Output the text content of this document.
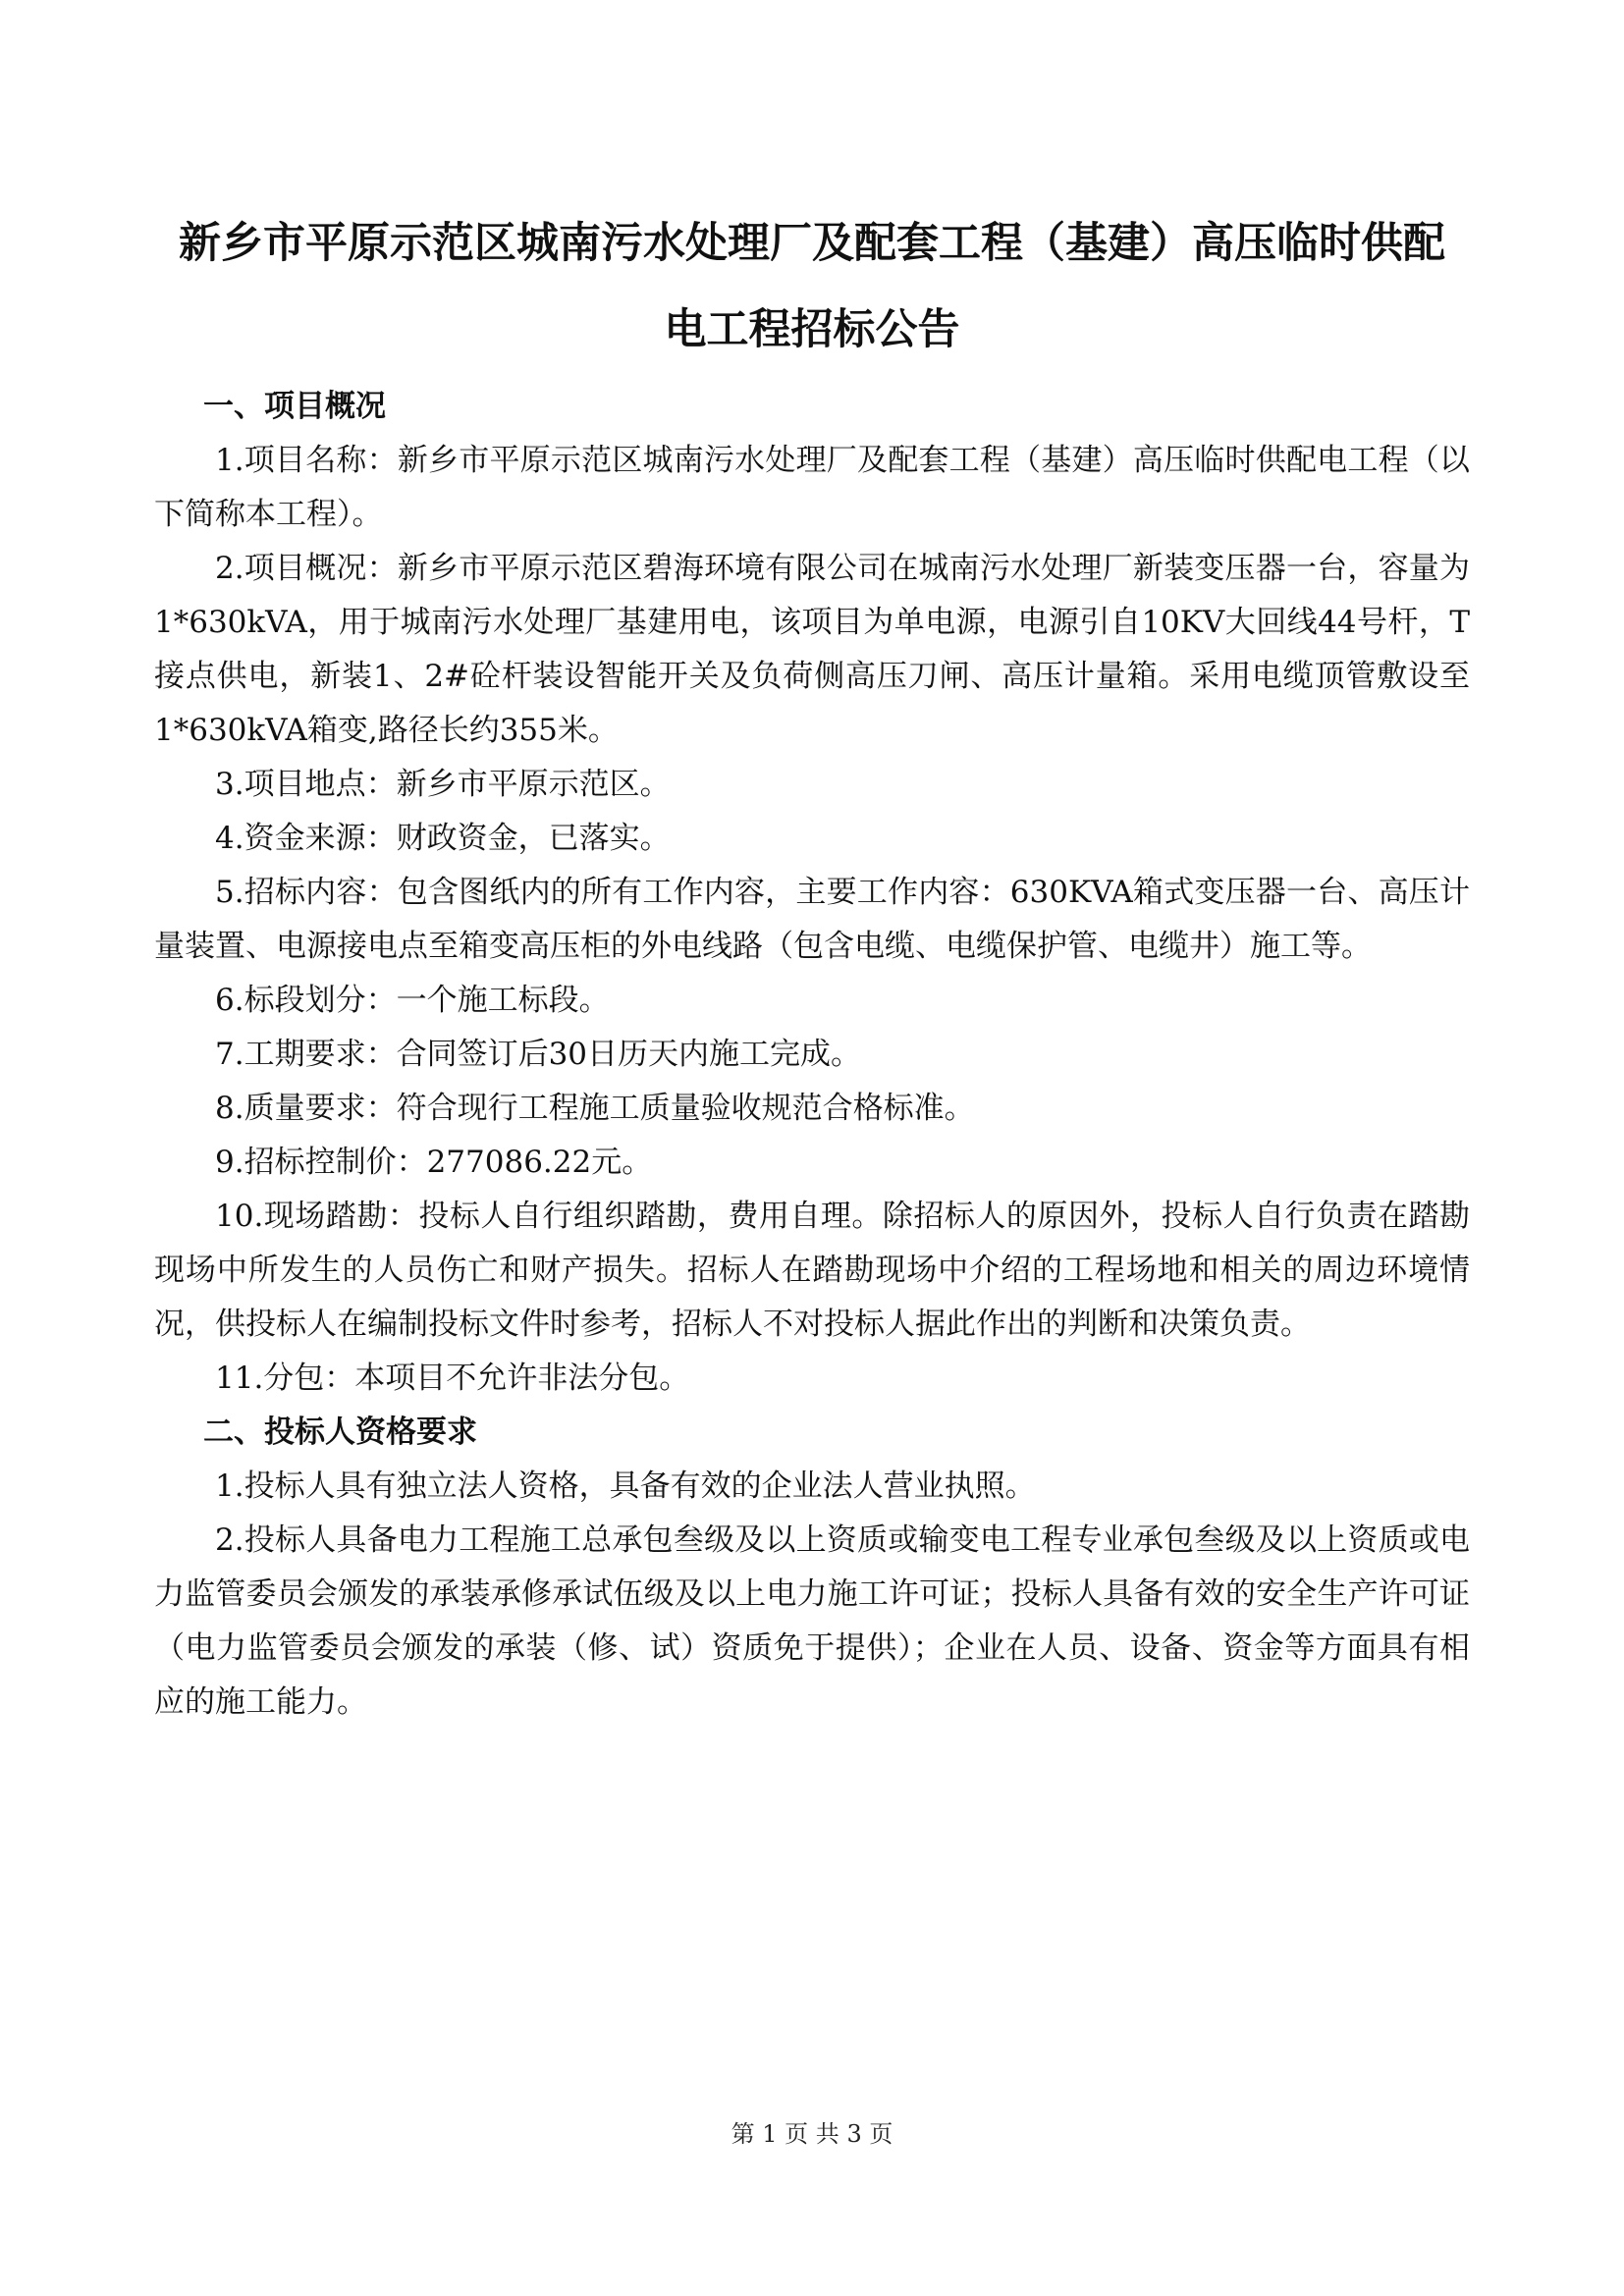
新乡市平原示范区城南污水处理厂及配套工程（基建）高压临时供配
电工程招标公告

一、项目概况

1.项目名称：新乡市平原示范区城南污水处理厂及配套工程（基建）高压临时供配电工程（以下简称本工程）。

2.项目概况：新乡市平原示范区碧海环境有限公司在城南污水处理厂新装变压器一台，容量为1*630kVA，用于城南污水处理厂基建用电，该项目为单电源，电源引自10KV大回线44号杆，T接点供电，新装1、2#砼杆装设智能开关及负荷侧高压刀闸、高压计量箱。采用电缆顶管敷设至1*630kVA箱变,路径长约355米。

3.项目地点：新乡市平原示范区。

4.资金来源：财政资金，已落实。

5.招标内容：包含图纸内的所有工作内容，主要工作内容：630KVA箱式变压器一台、高压计量装置、电源接电点至箱变高压柜的外电线路（包含电缆、电缆保护管、电缆井）施工等。

6.标段划分：一个施工标段。

7.工期要求：合同签订后30日历天内施工完成。

8.质量要求：符合现行工程施工质量验收规范合格标准。

9.招标控制价：277086.22元。

10.现场踏勘：投标人自行组织踏勘，费用自理。除招标人的原因外，投标人自行负责在踏勘现场中所发生的人员伤亡和财产损失。招标人在踏勘现场中介绍的工程场地和相关的周边环境情况，供投标人在编制投标文件时参考，招标人不对投标人据此作出的判断和决策负责。

11.分包：本项目不允许非法分包。

二、投标人资格要求

1.投标人具有独立法人资格，具备有效的企业法人营业执照。

2.投标人具备电力工程施工总承包叁级及以上资质或输变电工程专业承包叁级及以上资质或电力监管委员会颁发的承装承修承试伍级及以上电力施工许可证；投标人具备有效的安全生产许可证（电力监管委员会颁发的承装（修、试）资质免于提供）；企业在人员、设备、资金等方面具有相应的施工能力。

第 1 页 共 3 页
